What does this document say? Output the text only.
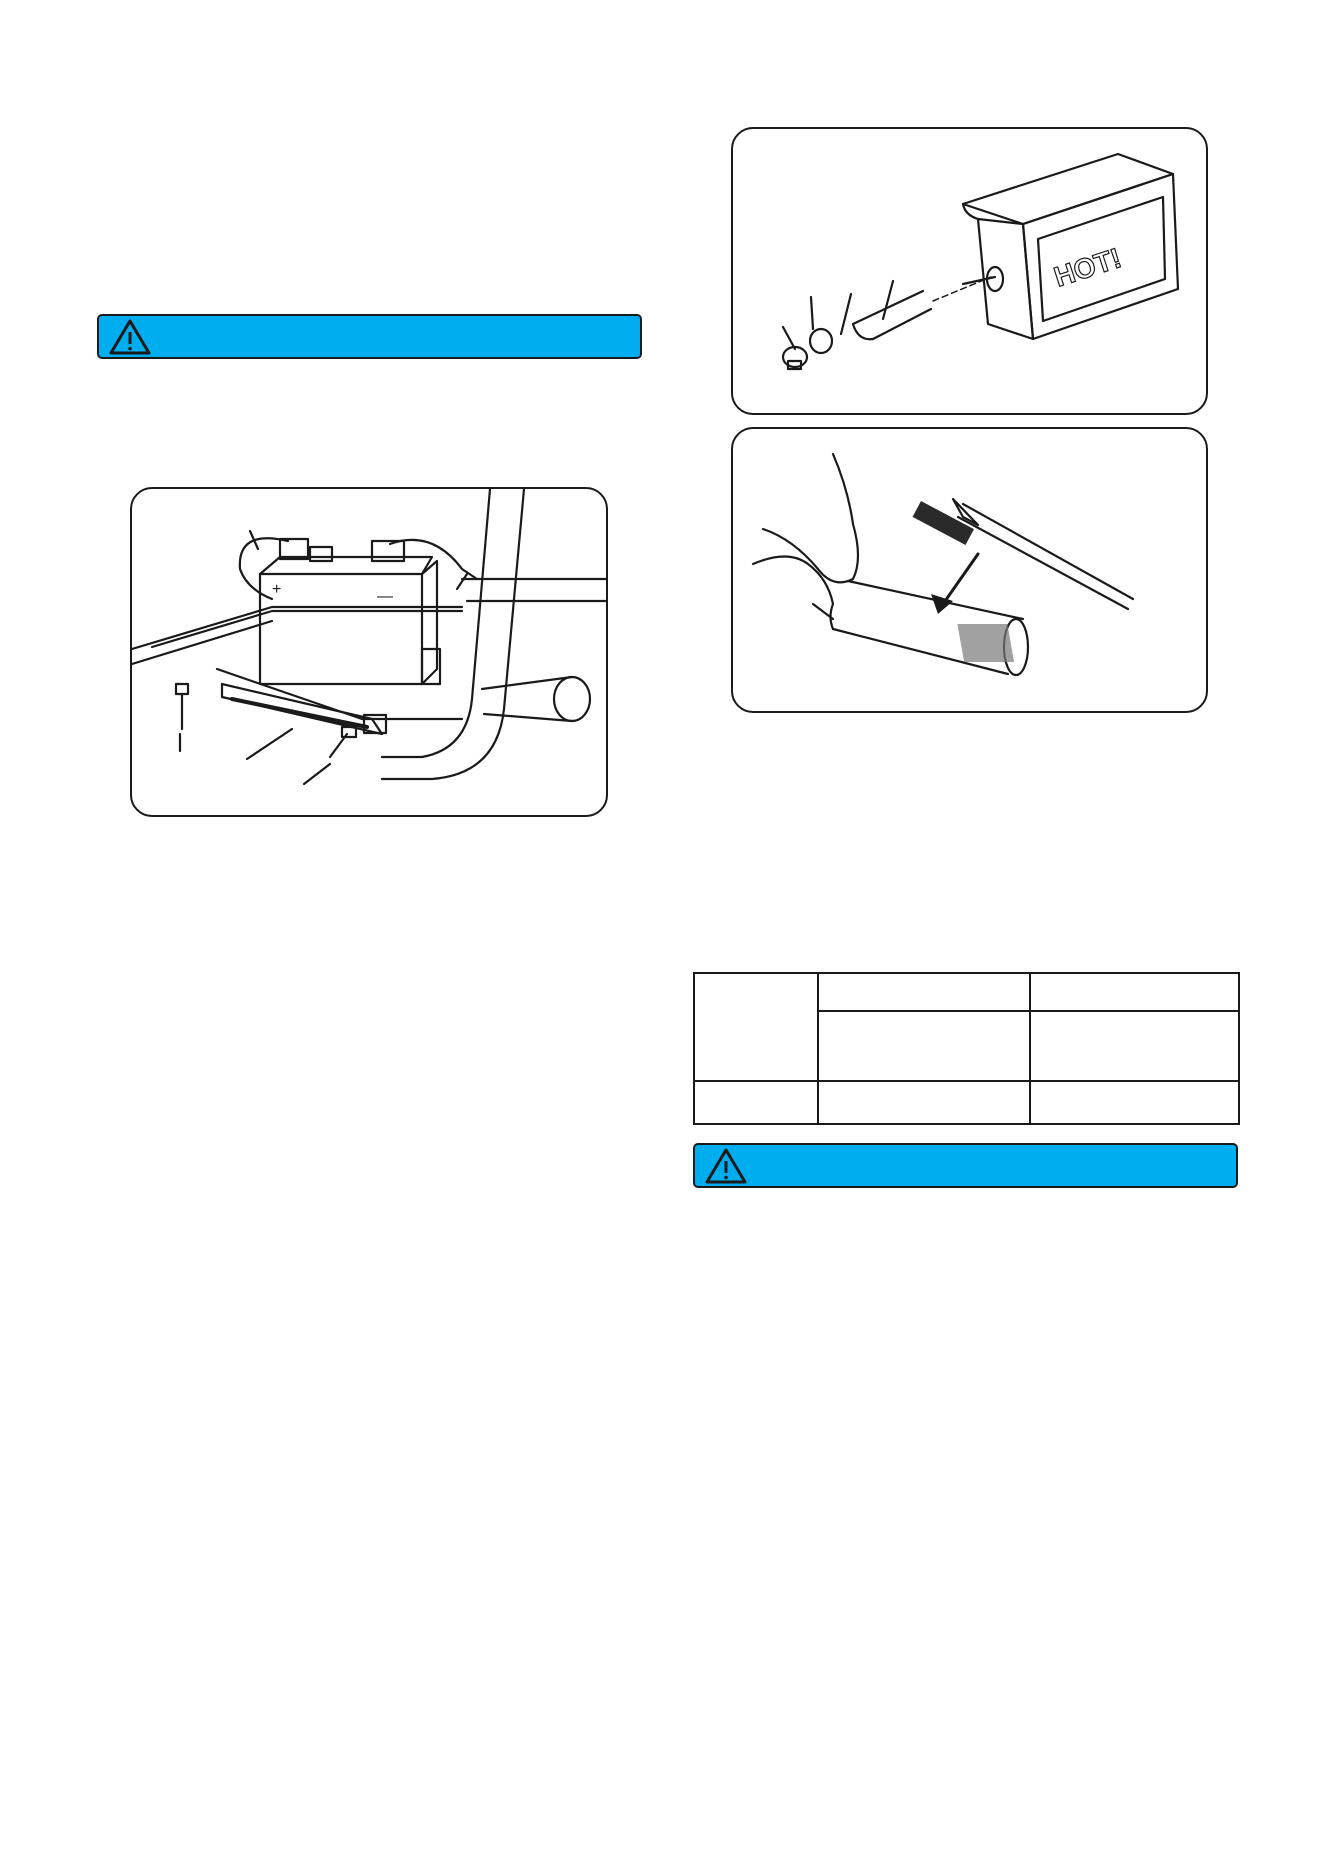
+	—
HOT!
